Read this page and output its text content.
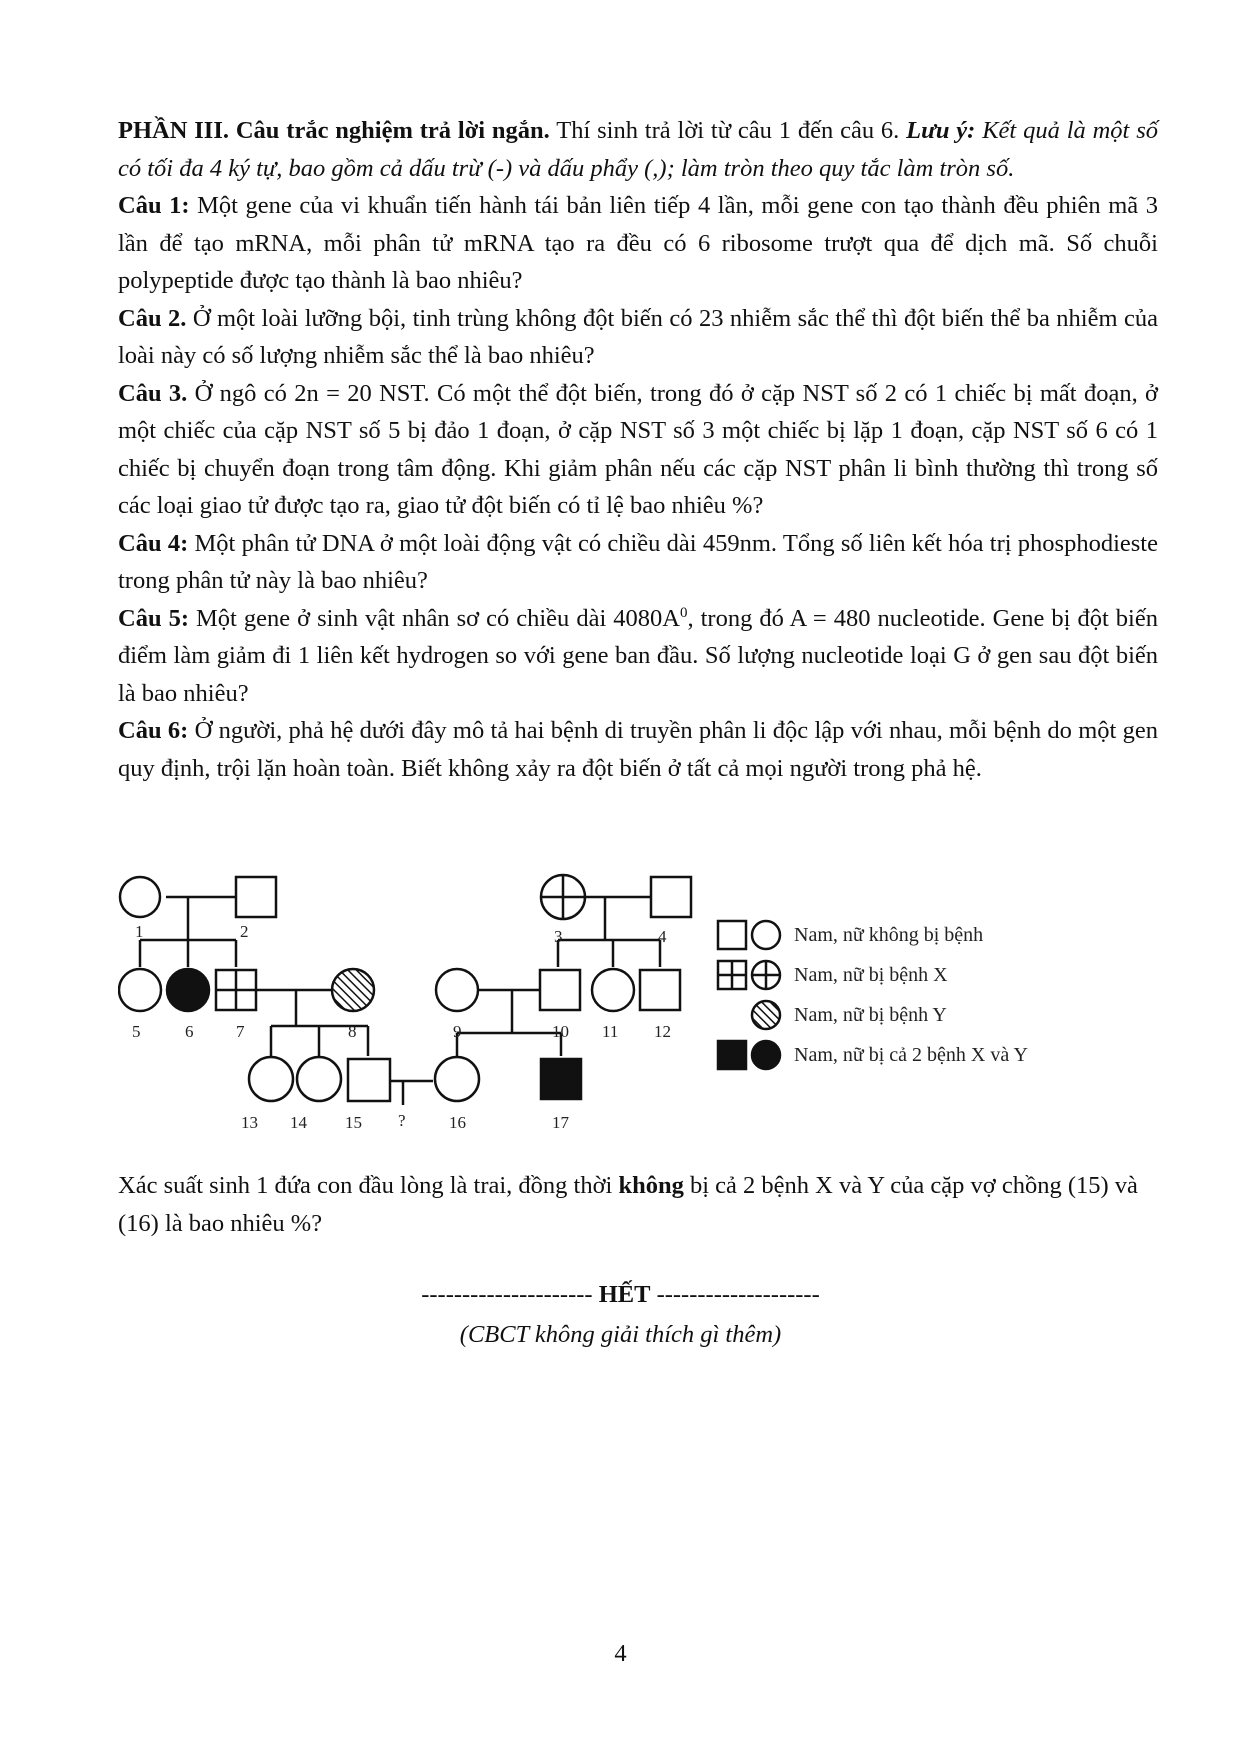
PHẦN III. Câu trắc nghiệm trả lời ngắn. Thí sinh trả lời từ câu 1 đến câu 6. Lưu ý: Kết quả là một số có tối đa 4 ký tự, bao gồm cả dấu trừ (-) và dấu phẩy (,); làm tròn theo quy tắc làm tròn số.

Câu 1: Một gene của vi khuẩn tiến hành tái bản liên tiếp 4 lần, mỗi gene con tạo thành đều phiên mã 3 lần để tạo mRNA, mỗi phân tử mRNA tạo ra đều có 6 ribosome trượt qua để dịch mã. Số chuỗi polypeptide được tạo thành là bao nhiêu?

Câu 2. Ở một loài lưỡng bội, tinh trùng không đột biến có 23 nhiễm sắc thể thì đột biến thể ba nhiễm của loài này có số lượng nhiễm sắc thể là bao nhiêu?

Câu 3. Ở ngô có 2n = 20 NST. Có một thể đột biến, trong đó ở cặp NST số 2 có 1 chiếc bị mất đoạn, ở một chiếc của cặp NST số 5 bị đảo 1 đoạn, ở cặp NST số 3 một chiếc bị lặp 1 đoạn, cặp NST số 6 có 1 chiếc bị chuyển đoạn trong tâm động. Khi giảm phân nếu các cặp NST phân li bình thường thì trong số các loại giao tử được tạo ra, giao tử đột biến có tỉ lệ bao nhiêu %?

Câu 4: Một phân tử DNA ở một loài động vật có chiều dài 459nm. Tổng số liên kết hóa trị phosphodieste trong phân tử này là bao nhiêu?

Câu 5: Một gene ở sinh vật nhân sơ có chiều dài $4080A^0$, trong đó A = 480 nucleotide. Gene bị đột biến điểm làm giảm đi 1 liên kết hydrogen so với gene ban đầu. Số lượng nucleotide loại G ở gen sau đột biến là bao nhiêu?

Câu 6: Ở người, phả hệ dưới đây mô tả hai bệnh di truyền phân li độc lập với nhau, mỗi bệnh do một gen quy định, trội lặn hoàn toàn. Biết không xảy ra đột biến ở tất cả mọi người trong phả hệ.

1	2	3	4
5	6	7	8	9	10 11 12
13 14 15 ?	16	17
Nam, nữ không bị bệnh
Nam, nữ bị bệnh X
Nam, nữ bị bệnh Y
Nam, nữ bị cả 2 bệnh X và Y

Xác suất sinh 1 đứa con đầu lòng là trai, đồng thời không bị cả 2 bệnh X và Y của cặp vợ chồng (15) và (16) là bao nhiêu %?

--------------------- HẾT --------------------

(CBCT không giải thích gì thêm)

4
